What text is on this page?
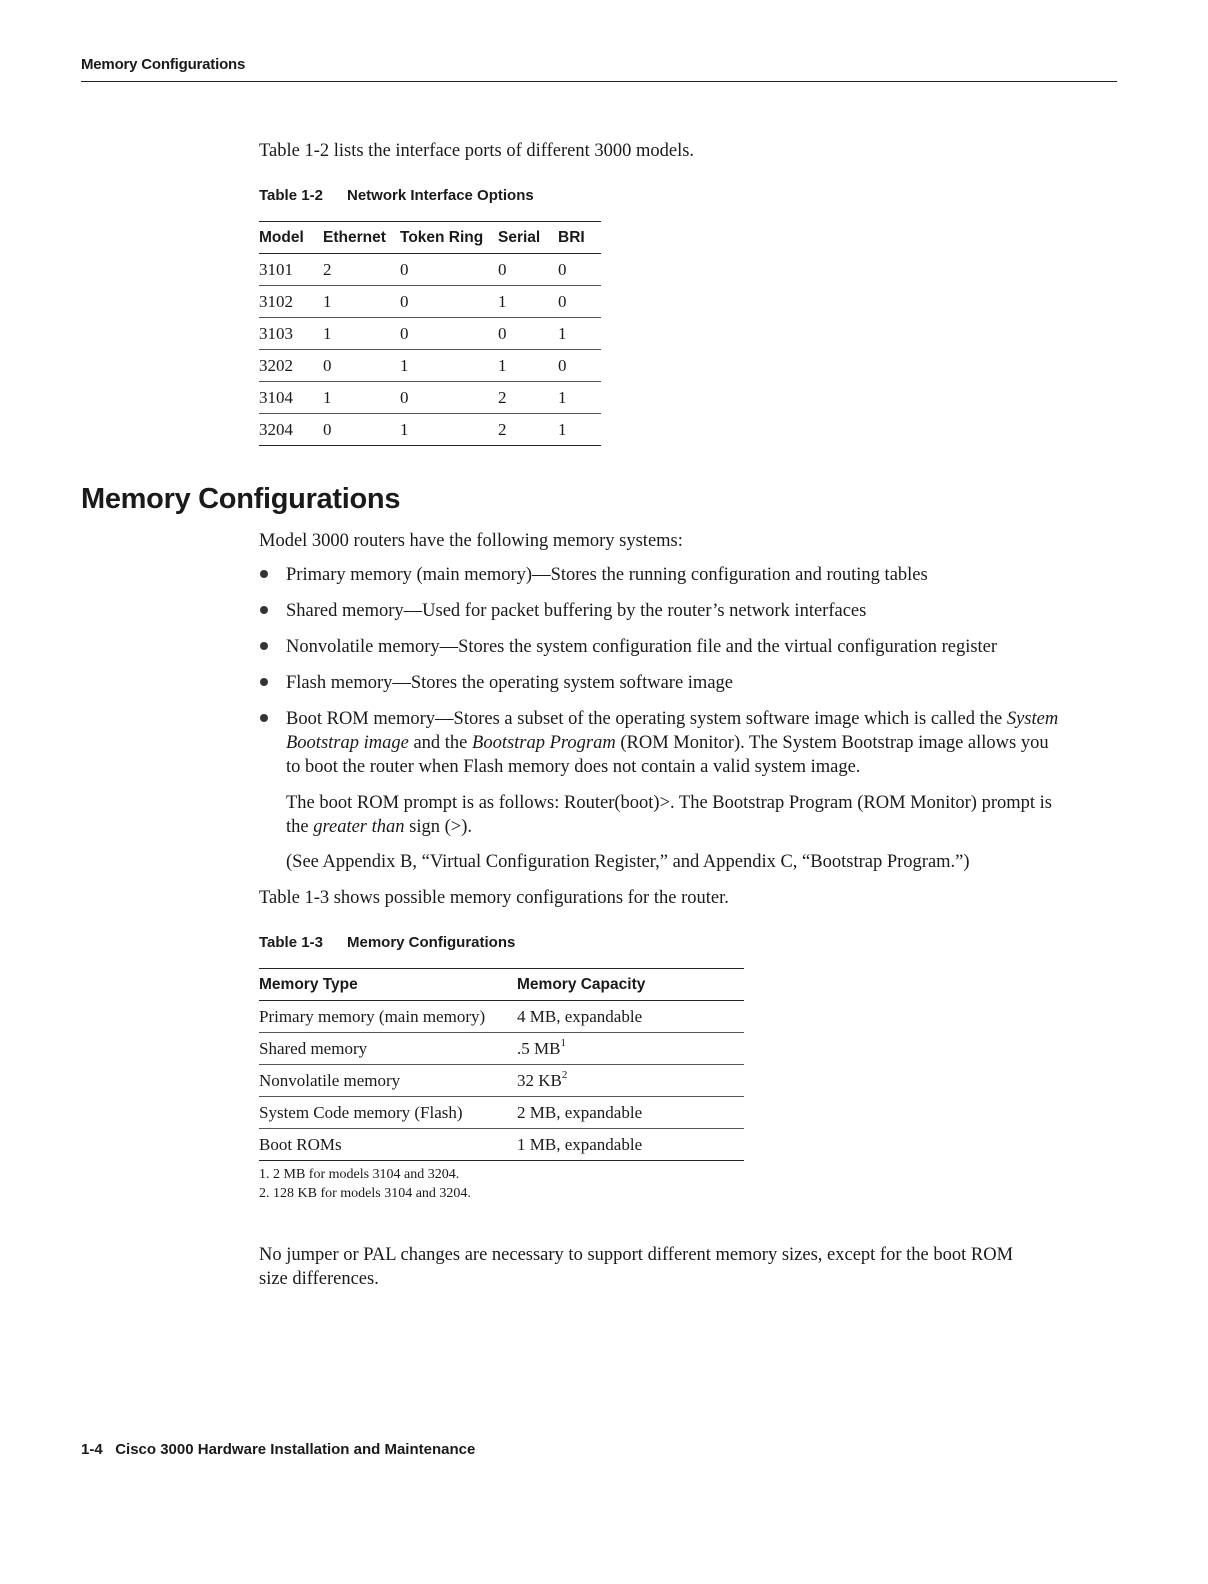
Memory Configurations
Table 1-2 lists the interface ports of different 3000 models.
Table 1-2 Network Interface Options
Model	Ethernet	Token Ring	Serial	BRI
3101	2	0	0	0
3102	1	0	1	0
3103	1	0	0	1
3202	0	1	1	0
3104	1	0	2	1
3204	0	1	2	1
Memory Configurations
Model 3000 routers have the following memory systems:
Primary memory (main memory)—Stores the running configuration and routing tables
Shared memory—Used for packet buffering by the router’s network interfaces
Nonvolatile memory—Stores the system configuration file and the virtual configuration register
Flash memory—Stores the operating system software image
Boot ROM memory—Stores a subset of the operating system software image which is called the System Bootstrap image and the Bootstrap Program (ROM Monitor). The System Bootstrap image allows you to boot the router when Flash memory does not contain a valid system image.
The boot ROM prompt is as follows: Router(boot)>. The Bootstrap Program (ROM Monitor) prompt is the greater than sign (>).
(See Appendix B, “Virtual Configuration Register,” and Appendix C, “Bootstrap Program.”)
Table 1-3 shows possible memory configurations for the router.
Table 1-3 Memory Configurations
Memory Type	Memory Capacity
Primary memory (main memory)	4 MB, expandable
Shared memory	.5 $MB^1$
Nonvolatile memory	32 $KB^2$
System Code memory (Flash)	2 MB, expandable
Boot ROMs	1 MB, expandable
1. 2 MB for models 3104 and 3204.
2. 128 KB for models 3104 and 3204.
No jumper or PAL changes are necessary to support different memory sizes, except for the boot ROM size differences.
1-4 Cisco 3000 Hardware Installation and Maintenance
